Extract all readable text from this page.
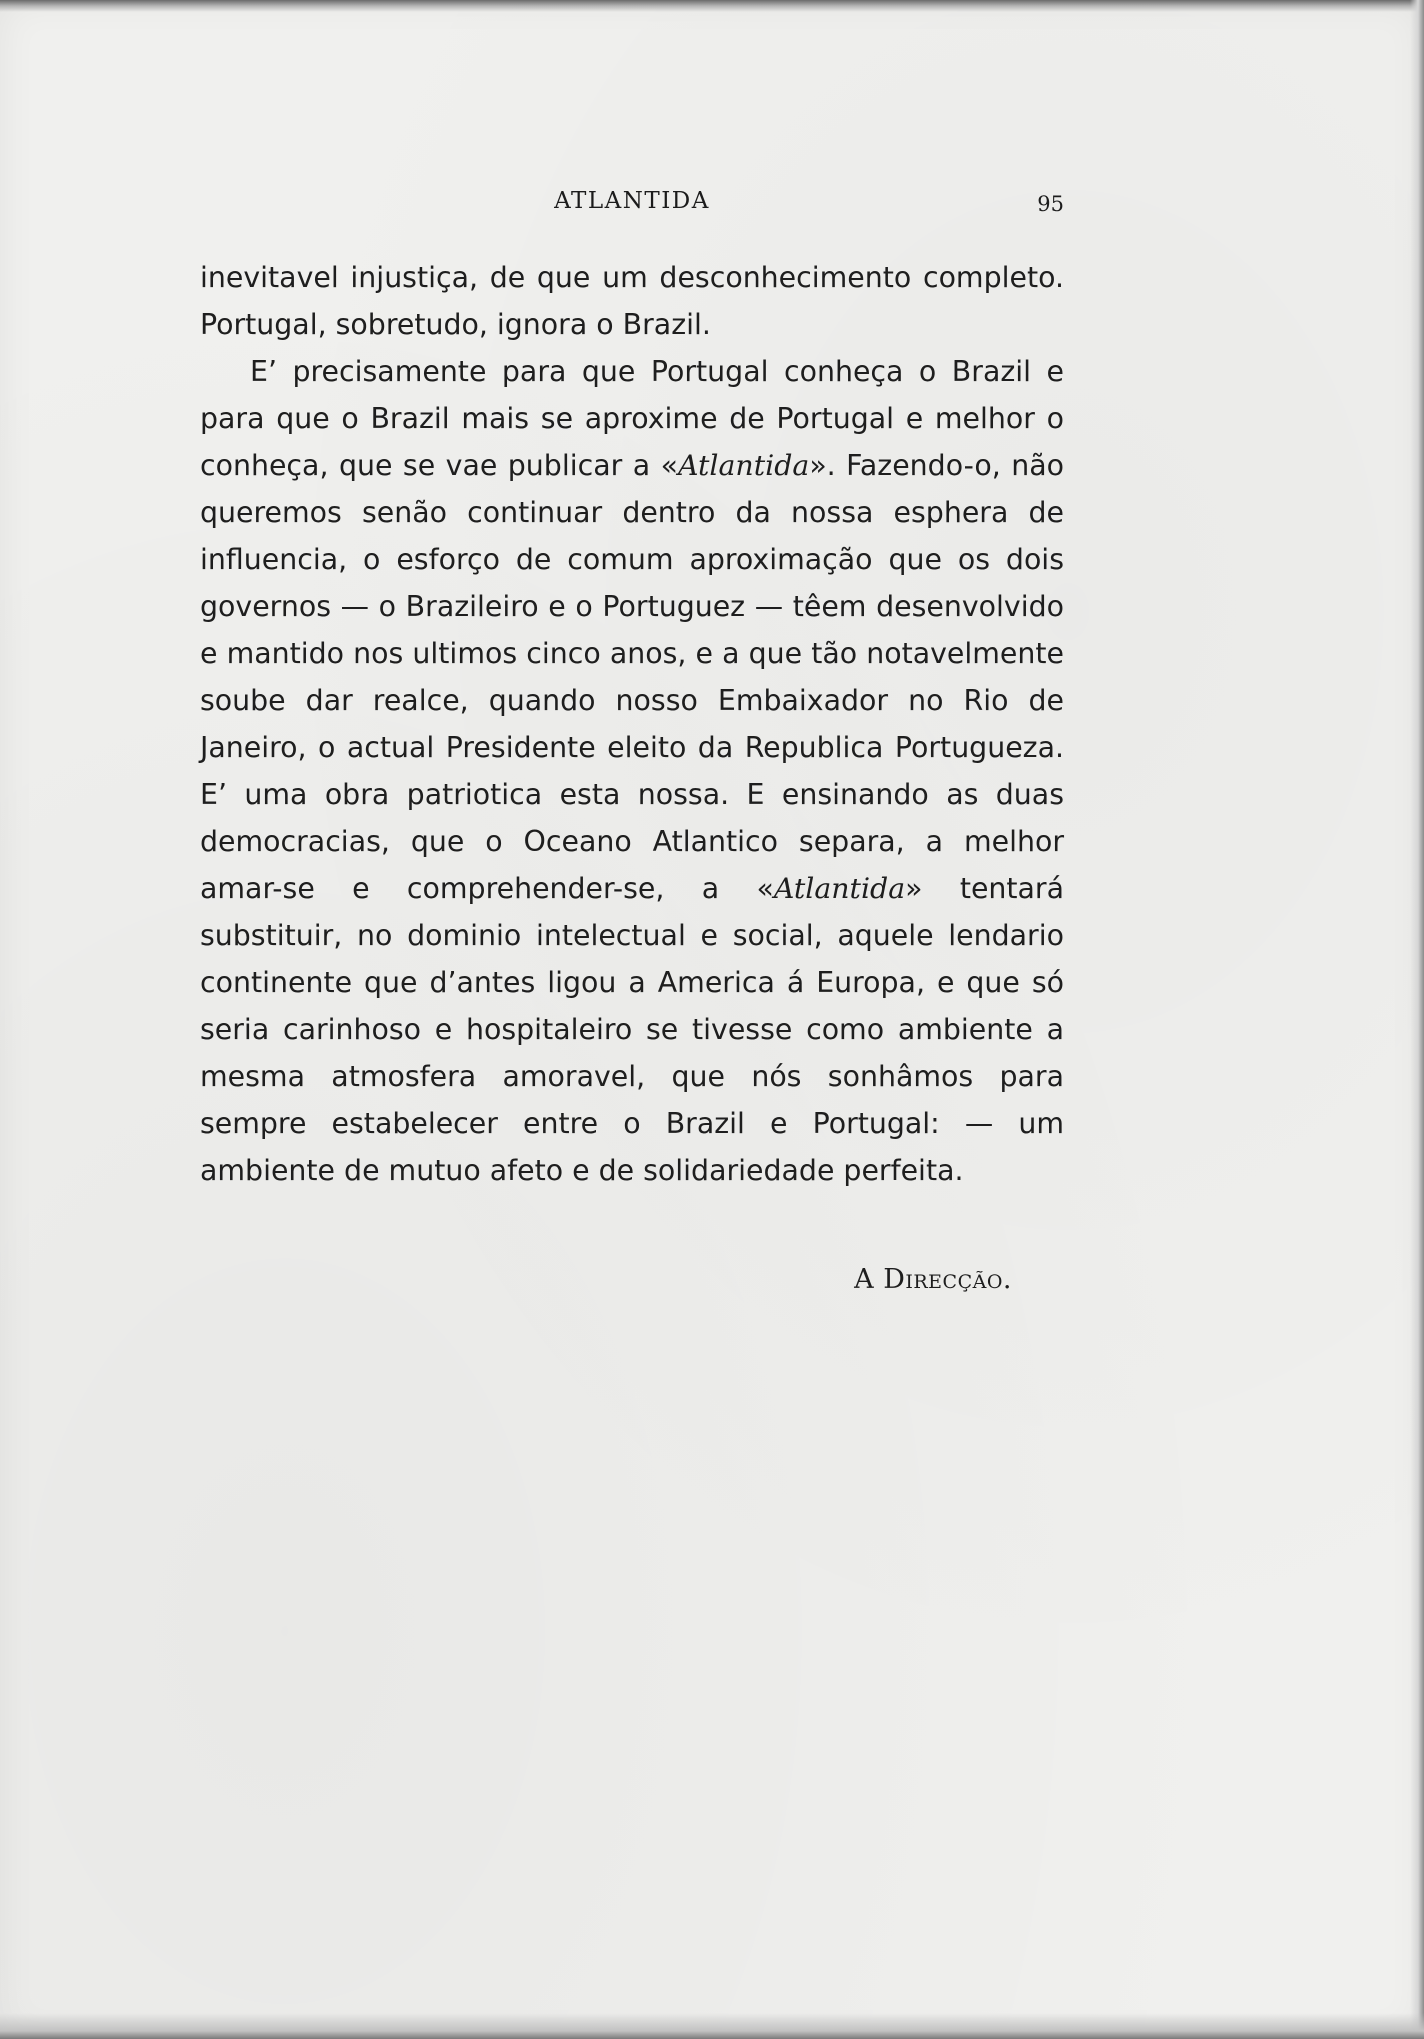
ATLANTIDA	95

inevitavel injustiça, de que um desconhecimento completo. Portugal, sobretudo, ignora o Brazil.

E’ precisamente para que Portugal conheça o Brazil e para que o Brazil mais se aproxime de Portugal e melhor o conheça, que se vae publicar a «Atlantida». Fazendo-o, não queremos senão continuar dentro da nossa esphera de influencia, o esforço de comum aproximação que os dois governos — o Brazileiro e o Portuguez — têem desenvolvido e mantido nos ultimos cinco anos, e a que tão notavelmente soube dar realce, quando nosso Embaixador no Rio de Janeiro, o actual Presidente eleito da Republica Portugueza. E’ uma obra patriotica esta nossa. E ensinando as duas democracias, que o Oceano Atlantico separa, a melhor amar-se e comprehender-se, a «Atlantida» tentará substituir, no dominio intelectual e social, aquele lendario continente que d’antes ligou a America á Europa, e que só seria carinhoso e hospitaleiro se tivesse como ambiente a mesma atmosfera amoravel, que nós sonhâmos para sempre estabelecer entre o Brazil e Portugal: — um ambiente de mutuo afeto e de solidariedade perfeita.

A Direcção.
